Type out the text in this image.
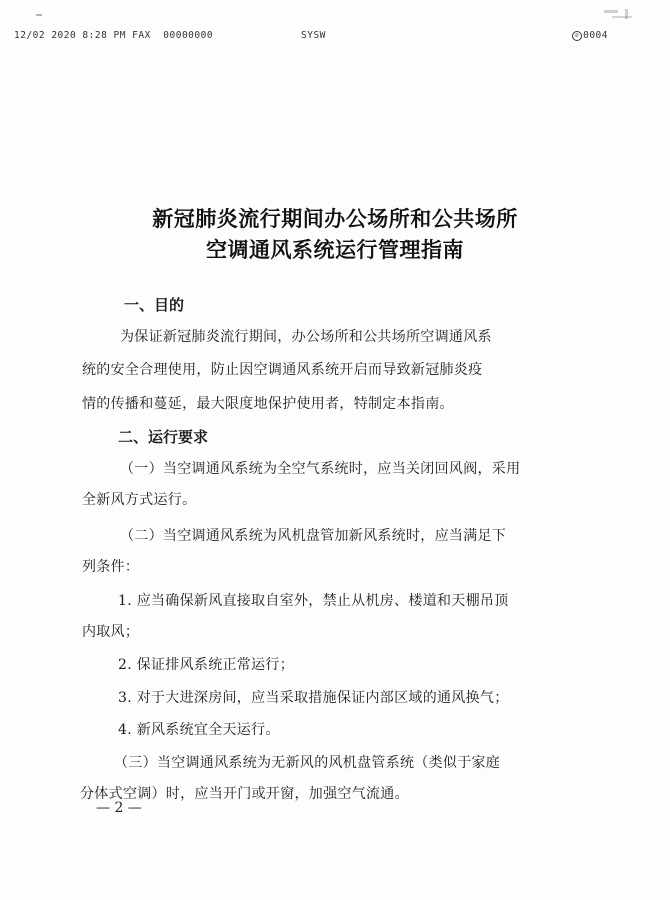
12/02 2020 8:28 PM FAX 00000000	SYSW	⊘ 0004
新冠肺炎流行期间办公场所和公共场所
空调通风系统运行管理指南
一、目的
为保证新冠肺炎流行期间，办公场所和公共场所空调通风系
统的安全合理使用，防止因空调通风系统开启而导致新冠肺炎疫
情的传播和蔓延，最大限度地保护使用者，特制定本指南。
二、运行要求
（一）当空调通风系统为全空气系统时，应当关闭回风阀，采用
全新风方式运行。
（二）当空调通风系统为风机盘管加新风系统时，应当满足下
列条件：
1. 应当确保新风直接取自室外，禁止从机房、楼道和天棚吊顶
内取风；
2. 保证排风系统正常运行；
3. 对于大进深房间，应当采取措施保证内部区域的通风换气；
4. 新风系统宜全天运行。
（三）当空调通风系统为无新风的风机盘管系统（类似于家庭
分体式空调）时，应当开门或开窗，加强空气流通。
— 2 —
